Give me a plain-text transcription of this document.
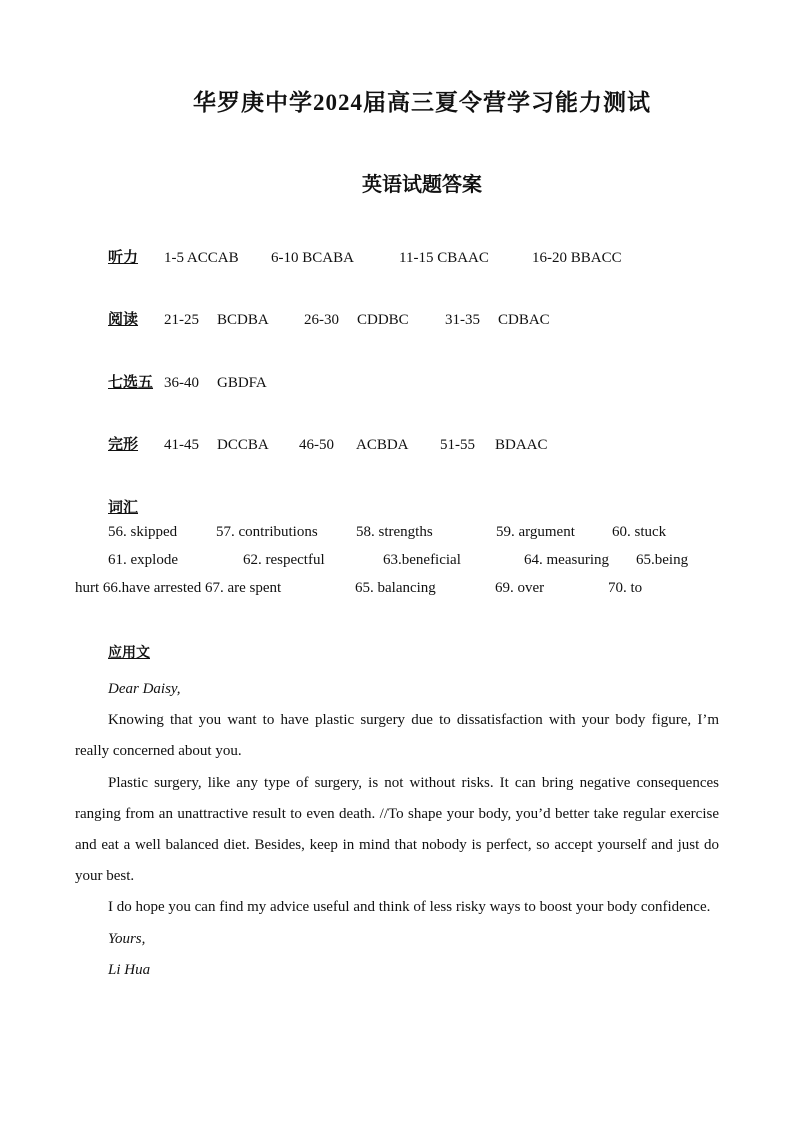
华罗庚中学2024届高三夏令营学习能力测试
英语试题答案
听力 1-5 ACCAB 6-10 BCABA	11-15 CBAAC	16-20 BBACC
阅读 21-25 BCDBA 26-30 CDDBC 31-35 CDBAC
七选五 36-40 GBDFA
完形 41-45 DCCBA 46-50 ACBDA 51-55 BDAAC
词汇
56. skipped	57. contributions	58. strengths	59. argument 60. stuck
61. explode	62. respectful	63.beneficial	64. measuring 65.being
hurt 66.have arrested 67. are spent	65. balancing	69. over	70. to
应用文

Dear Daisy,

Knowing that you want to have plastic surgery due to dissatisfaction with your body figure, I’m really concerned about you.

Plastic surgery, like any type of surgery, is not without risks. It can bring negative consequences ranging from an unattractive result to even death. //To shape your body, you’d better take regular exercise and eat a well balanced diet. Besides, keep in mind that nobody is perfect, so accept yourself and just do your best.

I do hope you can find my advice useful and think of less risky ways to boost your body confidence.

Yours,

Li Hua
